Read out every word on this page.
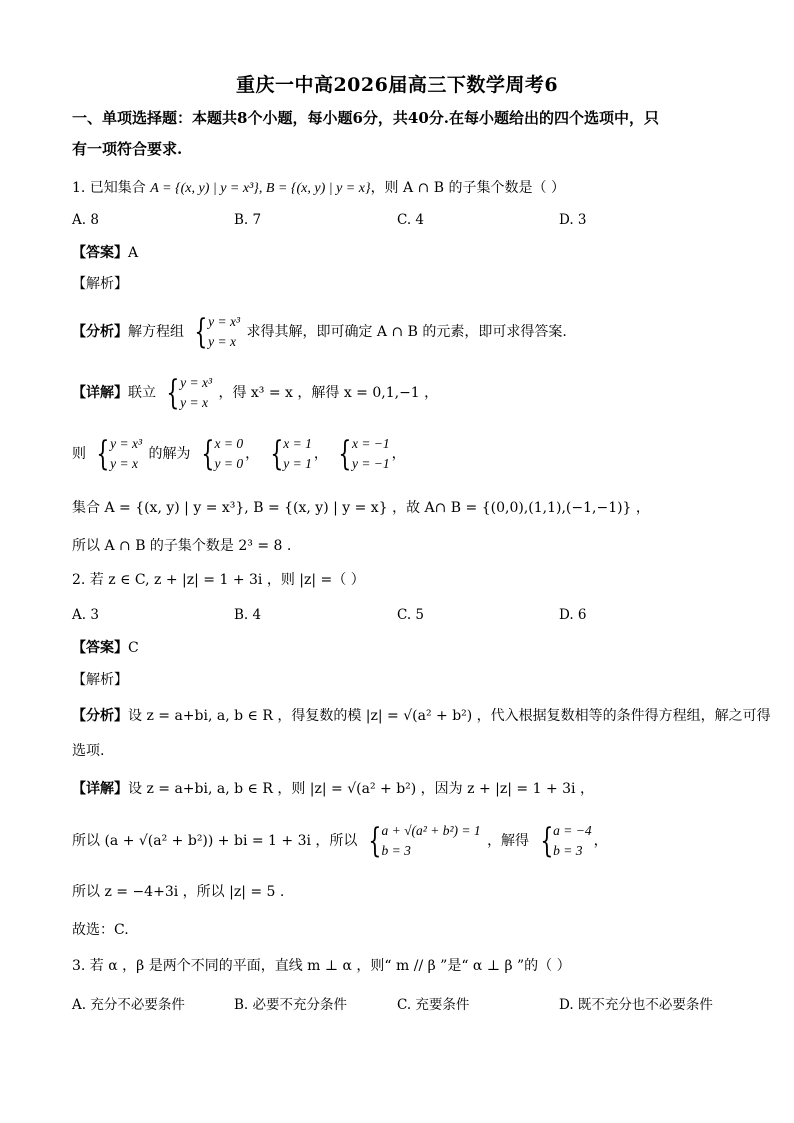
重庆一中高2026届高三下数学周考6
一、单项选择题：本题共8个小题，每小题6分，共40分.在每小题给出的四个选项中，只
有一项符合要求.
1. 已知集合 A = {(x, y) | y = x³}, B = {(x, y) | y = x}，则 A ∩ B 的子集个数是（ ）
A. 8	B. 7	C. 4	D. 3
【答案】A
【解析】
【分析】解方程组 { y = x³
y = x
求得其解，即可确定 A ∩ B 的元素，即可求得答案.
【详解】联立 { y = x³
y = x
，得 x³ = x ，解得 x = 0,1,−1 ，
则 { y = x³
y = x
的解为 { x = 0
y = 0
， { x = 1
y = 1
， { x = −1
y = −1
，
集合 A = {(x, y) | y = x³}, B = {(x, y) | y = x} ，故 A∩ B = {(0,0),(1,1),(−1,−1)} ，
所以 A ∩ B 的子集个数是 2³ = 8 .
2. 若 z ∈ C, z + |z| = 1 + 3i ，则 |z| =（ ）
A. 3	B. 4	C. 5	D. 6
【答案】C
【解析】
【分析】设 z = a+bi, a, b ∈ R ，得复数的模 |z| = √(a² + b²) ，代入根据复数相等的条件得方程组，解之可得
选项.
【详解】设 z = a+bi, a, b ∈ R ，则 |z| = √(a² + b²) ，因为 z + |z| = 1 + 3i ，
所以 (a + √(a² + b²)) + bi = 1 + 3i ，所以 { a + √(a² + b²) = 1
b = 3
，解得 { a = −4
b = 3
，
所以 z = −4+3i ，所以 |z| = 5 .
故选：C.
3. 若 α ，β 是两个不同的平面，直线 m ⊥ α ，则“ m // β ”是“ α ⊥ β ”的（ ）
A. 充分不必要条件	B. 必要不充分条件	C. 充要条件	D. 既不充分也不必要条件
